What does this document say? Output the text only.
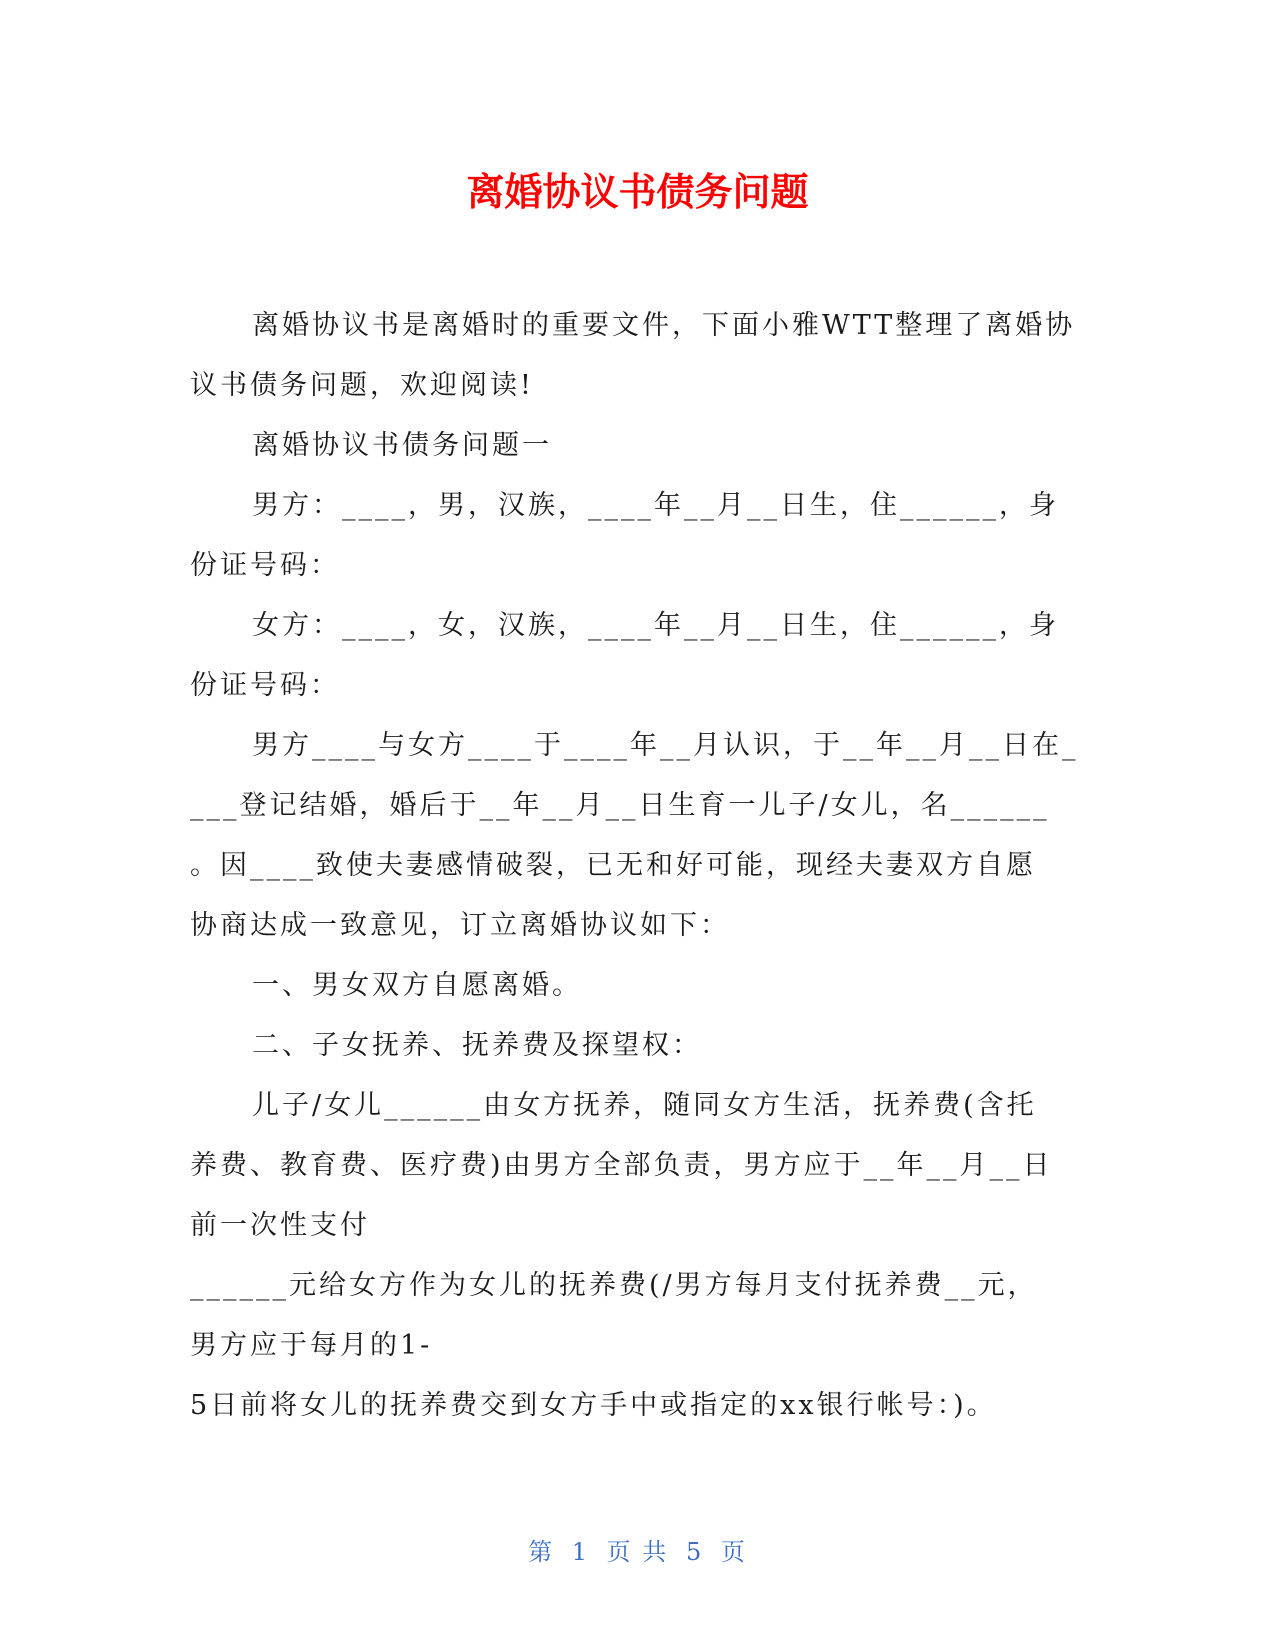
离婚协议书债务问题
离婚协议书是离婚时的重要文件，下面小雅WTT整理了离婚协
议书债务问题，欢迎阅读!
离婚协议书债务问题一
男方：____，男，汉族，____年__月__日生，住______，身
份证号码：
女方：____，女，汉族，____年__月__日生，住______，身
份证号码：
男方____与女方____于____年__月认识，于__年__月__日在_
___登记结婚，婚后于__年__月__日生育一儿子/女儿，名______
。因____致使夫妻感情破裂，已无和好可能，现经夫妻双方自愿
协商达成一致意见，订立离婚协议如下：
一、男女双方自愿离婚。
二、子女抚养、抚养费及探望权：
儿子/女儿______由女方抚养，随同女方生活，抚养费(含托
养费、教育费、医疗费)由男方全部负责，男方应于__年__月__日
前一次性支付
______元给女方作为女儿的抚养费(/男方每月支付抚养费__元，
男方应于每月的1-
5日前将女儿的抚养费交到女方手中或指定的xx银行帐号：)。
第 1 页 共 5 页
